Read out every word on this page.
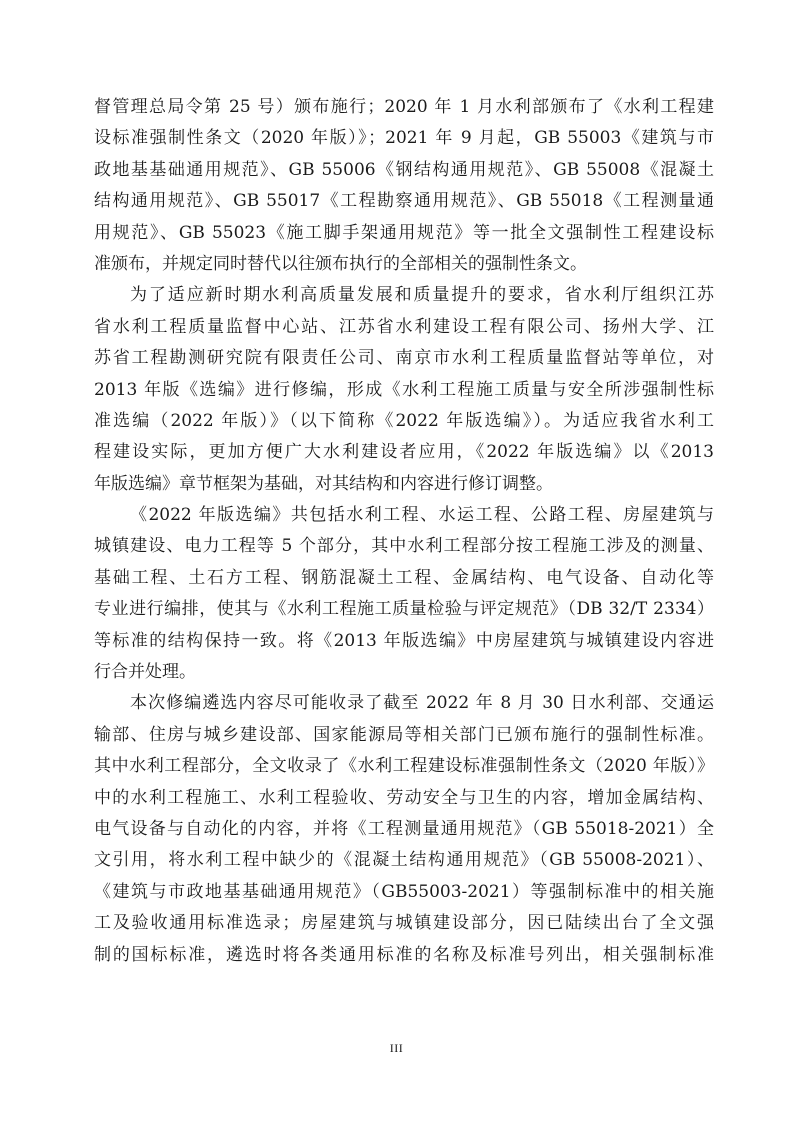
督管理总局令第 25 号）颁布施行；2020 年 1 月水利部颁布了《水利工程建
设标准强制性条文（2020 年版）》；2021 年 9 月起，GB 55003《建筑与市
政地基基础通用规范》、GB 55006《钢结构通用规范》、GB 55008《混凝土
结构通用规范》、GB 55017《工程勘察通用规范》、GB 55018《工程测量通
用规范》、GB 55023《施工脚手架通用规范》等一批全文强制性工程建设标
准颁布，并规定同时替代以往颁布执行的全部相关的强制性条文。
为了适应新时期水利高质量发展和质量提升的要求，省水利厅组织江苏
省水利工程质量监督中心站、江苏省水利建设工程有限公司、扬州大学、江
苏省工程勘测研究院有限责任公司、南京市水利工程质量监督站等单位，对
2013 年版《选编》进行修编，形成《水利工程施工质量与安全所涉强制性标
准选编（2022 年版）》（以下简称《2022 年版选编》）。为适应我省水利工
程建设实际，更加方便广大水利建设者应用，《2022 年版选编》以《2013
年版选编》章节框架为基础，对其结构和内容进行修订调整。
《2022 年版选编》共包括水利工程、水运工程、公路工程、房屋建筑与
城镇建设、电力工程等 5 个部分，其中水利工程部分按工程施工涉及的测量、
基础工程、土石方工程、钢筋混凝土工程、金属结构、电气设备、自动化等
专业进行编排，使其与《水利工程施工质量检验与评定规范》（DB 32/T 2334）
等标准的结构保持一致。将《2013 年版选编》中房屋建筑与城镇建设内容进
行合并处理。
本次修编遴选内容尽可能收录了截至 2022 年 8 月 30 日水利部、交通运
输部、住房与城乡建设部、国家能源局等相关部门已颁布施行的强制性标准。
其中水利工程部分，全文收录了《水利工程建设标准强制性条文（2020 年版）》
中的水利工程施工、水利工程验收、劳动安全与卫生的内容，增加金属结构、
电气设备与自动化的内容，并将《工程测量通用规范》（GB 55018-2021）全
文引用，将水利工程中缺少的《混凝土结构通用规范》（GB 55008-2021）、
《建筑与市政地基基础通用规范》（GB55003-2021）等强制标准中的相关施
工及验收通用标准选录；房屋建筑与城镇建设部分，因已陆续出台了全文强
制的国标标准，遴选时将各类通用标准的名称及标准号列出，相关强制标准
III
